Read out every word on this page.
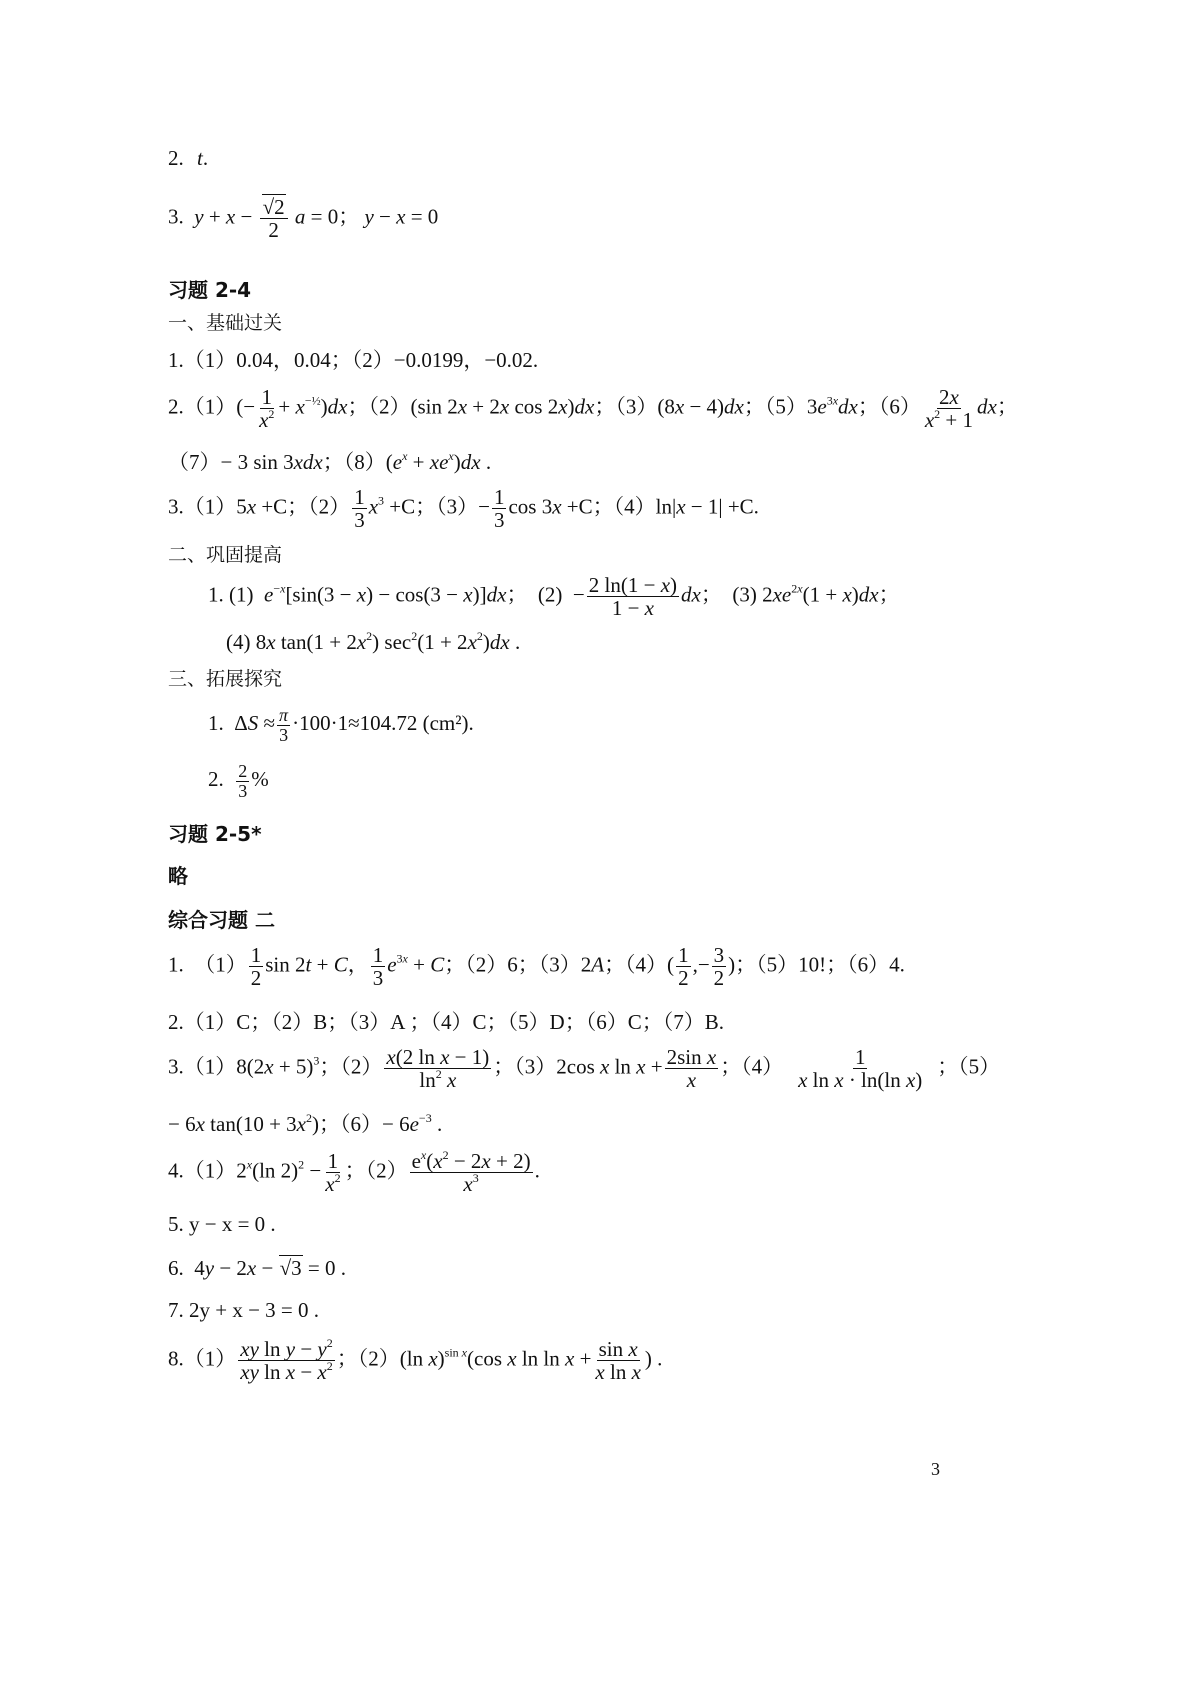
2. t.
3. $y + x - \frac{√2}{2}$ a = 0； y − x = 0
习题 2-4
一、基础过关
1.（1）0.04，0.04；（2）−0.0199，−0.02.
$2.(1)(- \frac{1}{x^2} + x^{-\frac{1}{2}})dx$；（2）(sin 2x + 2x cos 2x)dx；（3）(8x − 4)dx；$(5)3e^{3x}dx$；$(6) \frac{2x}{x^2 + 1}$ dx；
（7）− 3 sin 3xdx；$(8)(e^x + xe^x)dx$ .
3.（1）5x +C；$(2) \frac{1}{3} x^3 +C$；$(3)- \frac{1}{3}$ cos 3x +C；（4）ln|x − 1| +C.
二、巩固提高
1. (1)  $e^{-x}[\sin(3 - x) - \cos(3 - x)]dx$；  $(2) - \frac{2 \ln(1 - x)}{1 - x}$ dx；  (3) $2xe^{2x}(1 + x)dx$；
(4) 8x $\tan(1 + 2x^2)$ $\sec^2(1 + 2x^2)dx$ .
三、拓展探究
1.  $\Delta S \approx \frac{\pi}{3} \cdot 100\cdot 1\approx 104.72$ (cm²).
2. $\frac{2}{3}$ %
习题 2-5*
略
综合习题 二
1.  $(1) \frac{1}{2}$ sin 2t + C， $\frac{1}{3} e^{3x} + C$；（2）6；（3）2A；$(4)( \frac{1}{2}$ ,− $\frac{3}{2}$ )；（5）10!；（6）4.
2.（1）C；（2）B；（3）A ；（4）C；（5）D；（6）C；（7）B.
$3.(1)8(2x + 5)^3$；$(2) \frac{\text{x(2 ln x − 1)}}{\ln^2 x}$ ；（3）2cos x $\ln x + \frac{\text{2sin x}}{x}$ ；$(4) \frac{1}{\text{x ln x · ln(ln x)}}$ ；（5）
− 6x $\tan(10 + 3x^2)$；$(6)- 6e^{-3}$ .
4.（1）2$^x$(ln $2)^2 - \frac{1}{x^2}$ ；$(2) \frac{e^x(x^2 - 2x + 2)}{x^3}$ .
5. y − x = 0 .
6.  4y − 2x − √3 = 0 .
7. 2y + x − 3 = 0 .
$8.(1) \frac{xy \ln y - y^2}{xy \ln x - x^2}$ ；（2）(ln x)$^{sin x}$(cos x $\ln \ln x + \frac{\text{sin x}}{\text{x ln x}}$ ) .
3
